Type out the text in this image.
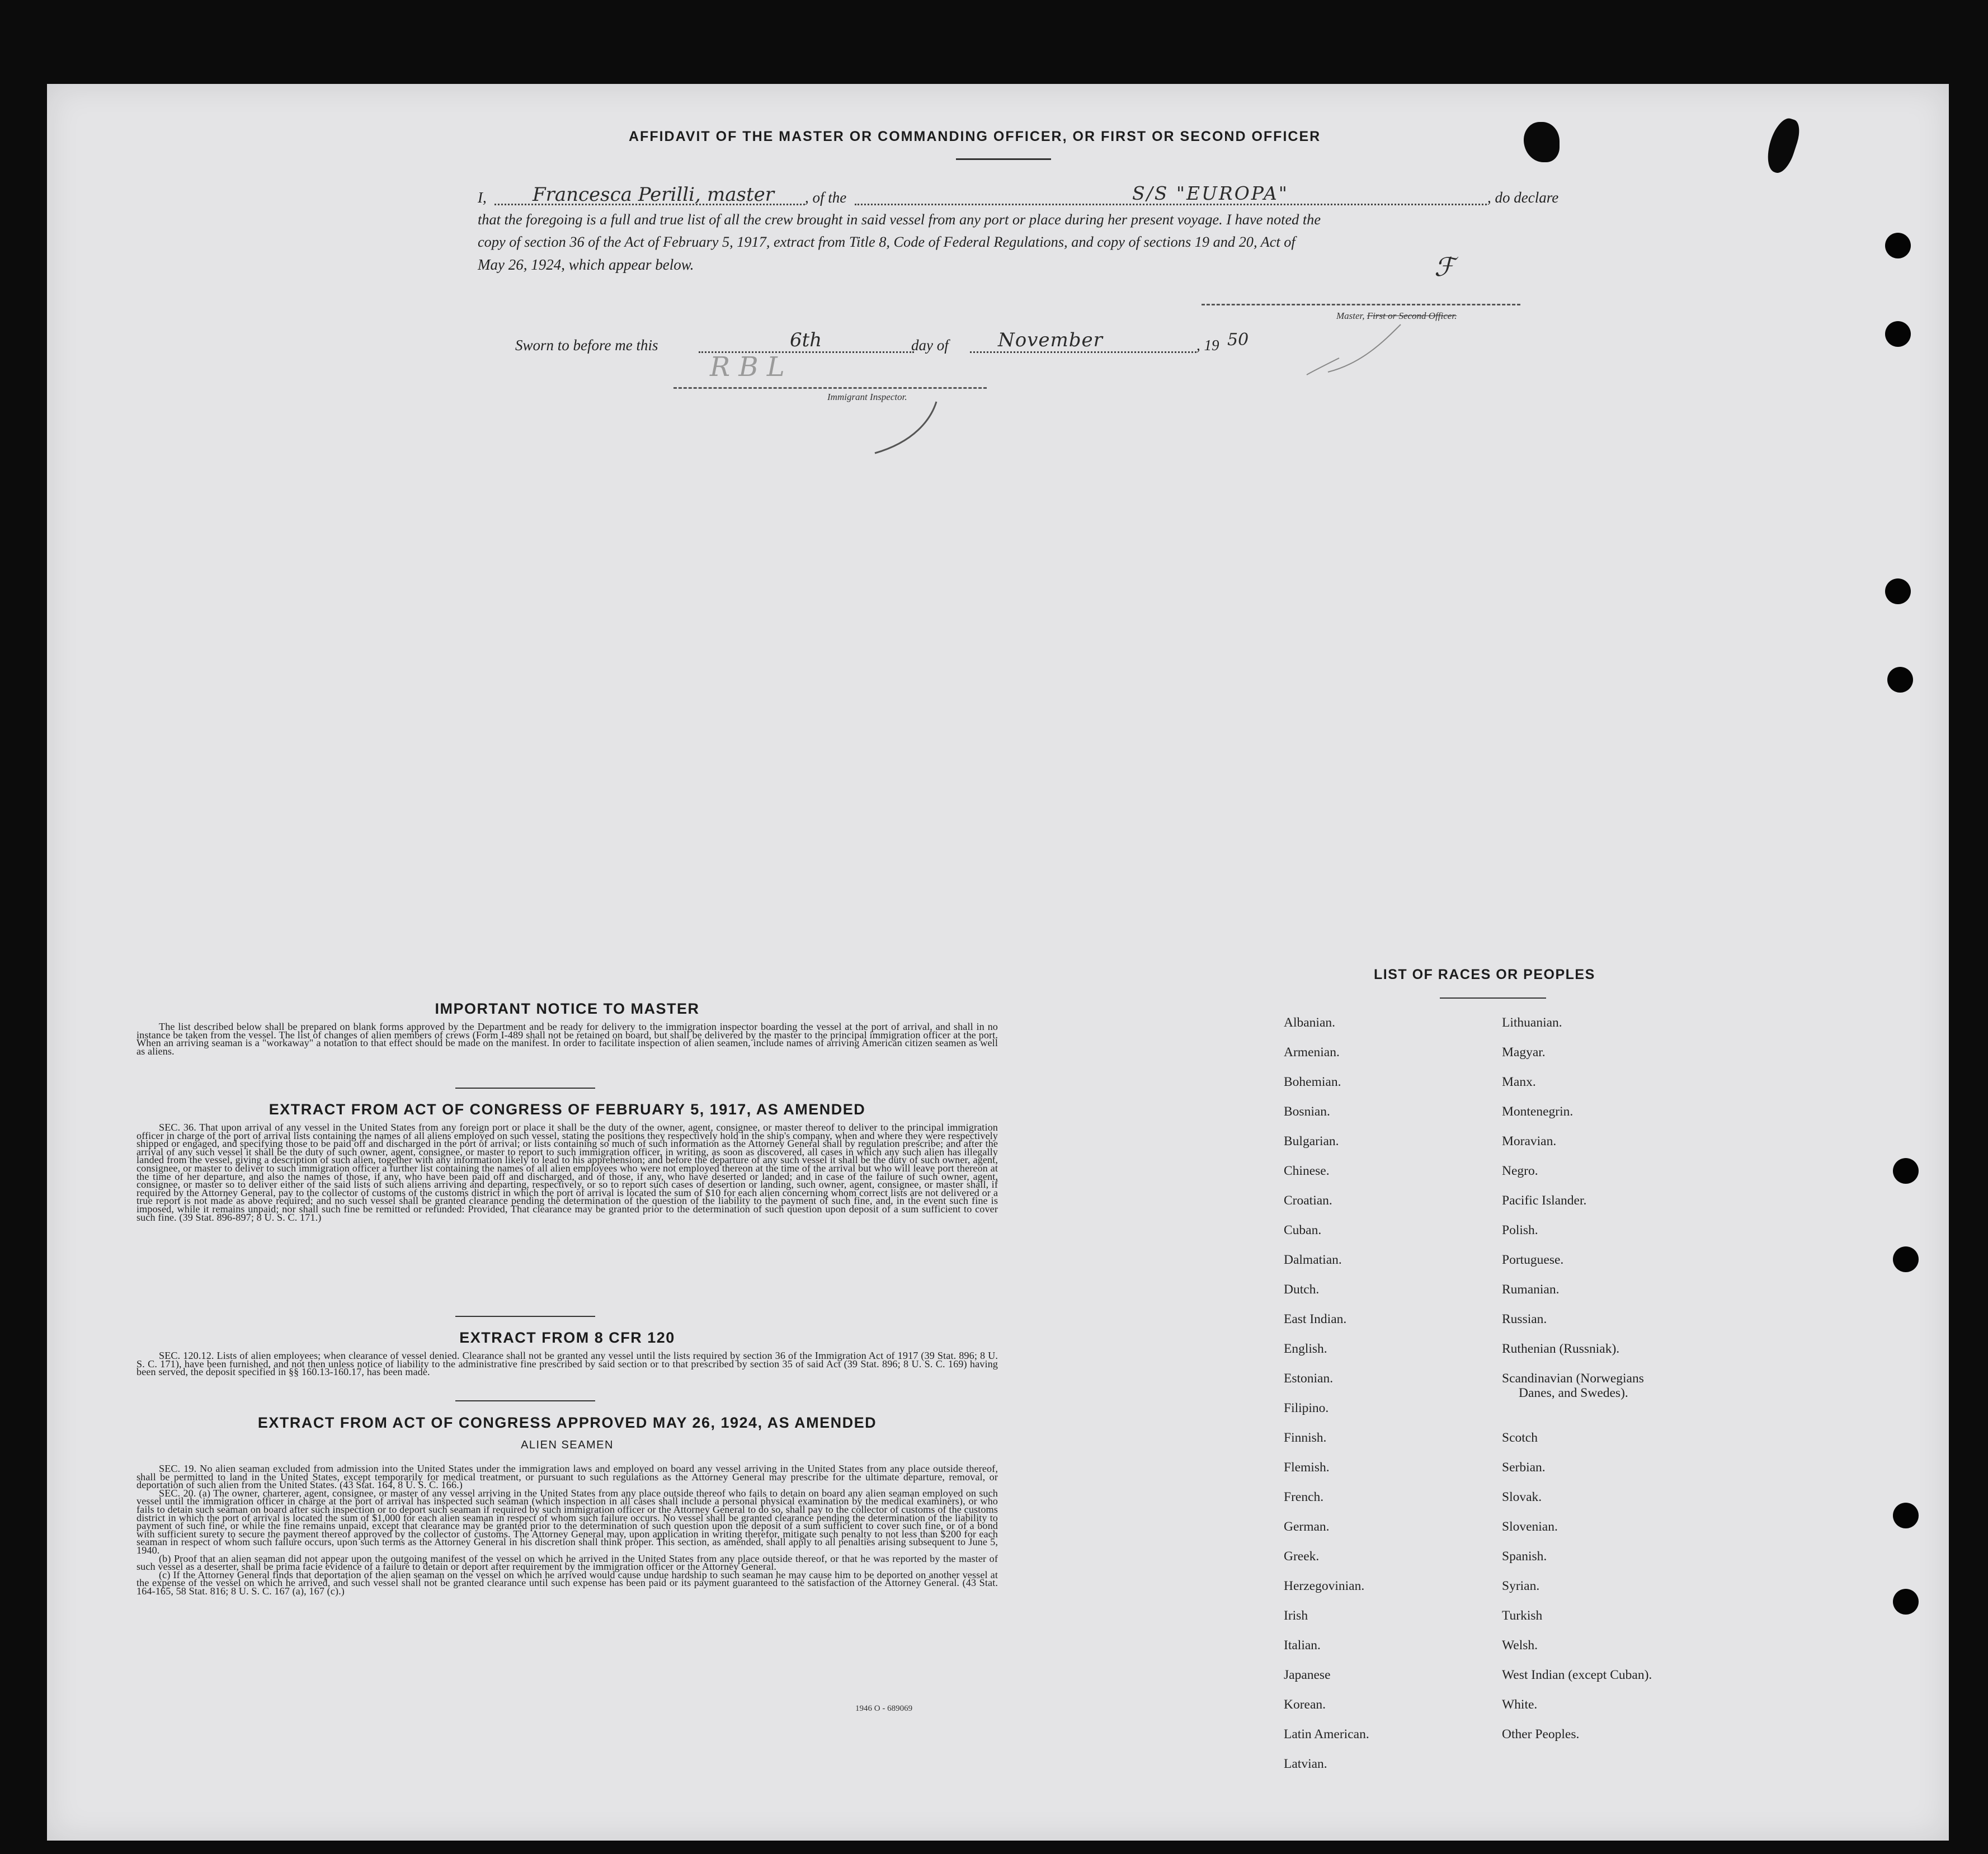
AFFIDAVIT OF THE MASTER OR COMMANDING OFFICER, OR FIRST OR SECOND OFFICER
I,	Francesca Perilli, master , of the	S/S "EUROPA"	, do declare
that the foregoing is a full and true list of all the crew brought in said vessel from any port or place during her present voyage. I have noted the
copy of section 36 of the Act of February 5, 1917, extract from Title 8, Code of Federal Regulations, and copy of sections 19 and 20, Act of
May 26, 1924, which appear below.	ℱ
Master, First or Second Officer.
Sworn to before me this	6th	day of	November	, 19 50
R B L
Immigrant Inspector.
IMPORTANT NOTICE TO MASTER

The list described below shall be prepared on blank forms approved by the Department and be ready for delivery to the immigration inspector boarding the vessel at the port of arrival, and shall in no instance be taken from the vessel. The list of changes of alien members of crews (Form I-489 shall not be retained on board, but shall be delivered by the master to the principal immigration officer at the port. When an arriving seaman is a "workaway" a notation to that effect should be made on the manifest. In order to facilitate inspection of alien seamen, include names of arriving American citizen seamen as well as aliens.

EXTRACT FROM ACT OF CONGRESS OF FEBRUARY 5, 1917, AS AMENDED

SEC. 36. That upon arrival of any vessel in the United States from any foreign port or place it shall be the duty of the owner, agent, consignee, or master thereof to deliver to the principal immigration officer in charge of the port of arrival lists containing the names of all aliens employed on such vessel, stating the positions they respectively hold in the ship's company, when and where they were respectively shipped or engaged, and specifying those to be paid off and discharged in the port of arrival; or lists containing so much of such information as the Attorney General shall by regulation prescribe; and after the arrival of any such vessel it shall be the duty of such owner, agent, consignee, or master to report to such immigration officer, in writing, as soon as discovered, all cases in which any such alien has illegally landed from the vessel, giving a description of such alien, together with any information likely to lead to his apprehension; and before the departure of any such vessel it shall be the duty of such owner, agent, consignee, or master to deliver to such immigration officer a further list containing the names of all alien employees who were not employed thereon at the time of the arrival but who will leave port thereon at the time of her departure, and also the names of those, if any, who have been paid off and discharged, and of those, if any, who have deserted or landed; and in case of the failure of such owner, agent, consignee, or master so to deliver either of the said lists of such aliens arriving and departing, respectively, or so to report such cases of desertion or landing, such owner, agent, consignee, or master shall, if required by the Attorney General, pay to the collector of customs of the customs district in which the port of arrival is located the sum of $10 for each alien concerning whom correct lists are not delivered or a true report is not made as above required; and no such vessel shall be granted clearance pending the determination of the question of the liability to the payment of such fine, and, in the event such fine is imposed, while it remains unpaid; nor shall such fine be remitted or refunded: Provided, That clearance may be granted prior to the determination of such question upon deposit of a sum sufficient to cover such fine. (39 Stat. 896-897; 8 U. S. C. 171.)

EXTRACT FROM 8 CFR 120

SEC. 120.12. Lists of alien employees; when clearance of vessel denied. Clearance shall not be granted any vessel until the lists required by section 36 of the Immigration Act of 1917 (39 Stat. 896; 8 U. S. C. 171), have been furnished, and not then unless notice of liability to the administrative fine prescribed by said section or to that prescribed by section 35 of said Act (39 Stat. 896; 8 U. S. C. 169) having been served, the deposit specified in §§ 160.13-160.17, has been made.

EXTRACT FROM ACT OF CONGRESS APPROVED MAY 26, 1924, AS AMENDED
ALIEN SEAMEN

SEC. 19. No alien seaman excluded from admission into the United States under the immigration laws and employed on board any vessel arriving in the United States from any place outside thereof, shall be permitted to land in the United States, except temporarily for medical treatment, or pursuant to such regulations as the Attorney General may prescribe for the ultimate departure, removal, or deportation of such alien from the United States. (43 Stat. 164, 8 U. S. C. 166.)

SEC. 20. (a) The owner, charterer, agent, consignee, or master of any vessel arriving in the United States from any place outside thereof who fails to detain on board any alien seaman employed on such vessel until the immigration officer in charge at the port of arrival has inspected such seaman (which inspection in all cases shall include a personal physical examination by the medical examiners), or who fails to detain such seaman on board after such inspection or to deport such seaman if required by such immigration officer or the Attorney General to do so, shall pay to the collector of customs of the customs district in which the port of arrival is located the sum of $1,000 for each alien seaman in respect of whom such failure occurs. No vessel shall be granted clearance pending the determination of the liability to payment of such fine, or while the fine remains unpaid, except that clearance may be granted prior to the determination of such question upon the deposit of a sum sufficient to cover such fine, or of a bond with sufficient surety to secure the payment thereof approved by the collector of customs. The Attorney General may, upon application in writing therefor, mitigate such penalty to not less than $200 for each seaman in respect of whom such failure occurs, upon such terms as the Attorney General in his discretion shall think proper. This section, as amended, shall apply to all penalties arising subsequent to June 5, 1940.

(b) Proof that an alien seaman did not appear upon the outgoing manifest of the vessel on which he arrived in the United States from any place outside thereof, or that he was reported by the master of such vessel as a deserter, shall be prima facie evidence of a failure to detain or deport after requirement by the immigration officer or the Attorney General.

(c) If the Attorney General finds that deportation of the alien seaman on the vessel on which he arrived would cause undue hardship to such seaman he may cause him to be deported on another vessel at the expense of the vessel on which he arrived, and such vessel shall not be granted clearance until such expense has been paid or its payment guaranteed to the satisfaction of the Attorney General. (43 Stat. 164-165, 58 Stat. 816; 8 U. S. C. 167 (a), 167 (c).)

1946 O - 689069
LIST OF RACES OR PEOPLES
Albanian.
Armenian.
Bohemian.
Bosnian.
Bulgarian.
Chinese.
Croatian.
Cuban.
Dalmatian.
Dutch.
East Indian.
English.
Estonian.
Filipino.
Finnish.
Flemish.
French.
German.
Greek.
Herzegovinian.
Irish
Italian.
Japanese
Korean.
Latin American.
Latvian.
Lithuanian.
Magyar.
Manx.
Montenegrin.
Moravian.
Negro.
Pacific Islander.
Polish.
Portuguese.
Rumanian.
Russian.
Ruthenian (Russniak).
Scandinavian (Norwegians
Danes, and Swedes).
Scotch
Serbian.
Slovak.
Slovenian.
Spanish.
Syrian.
Turkish
Welsh.
West Indian (except Cuban).
White.
Other Peoples.
